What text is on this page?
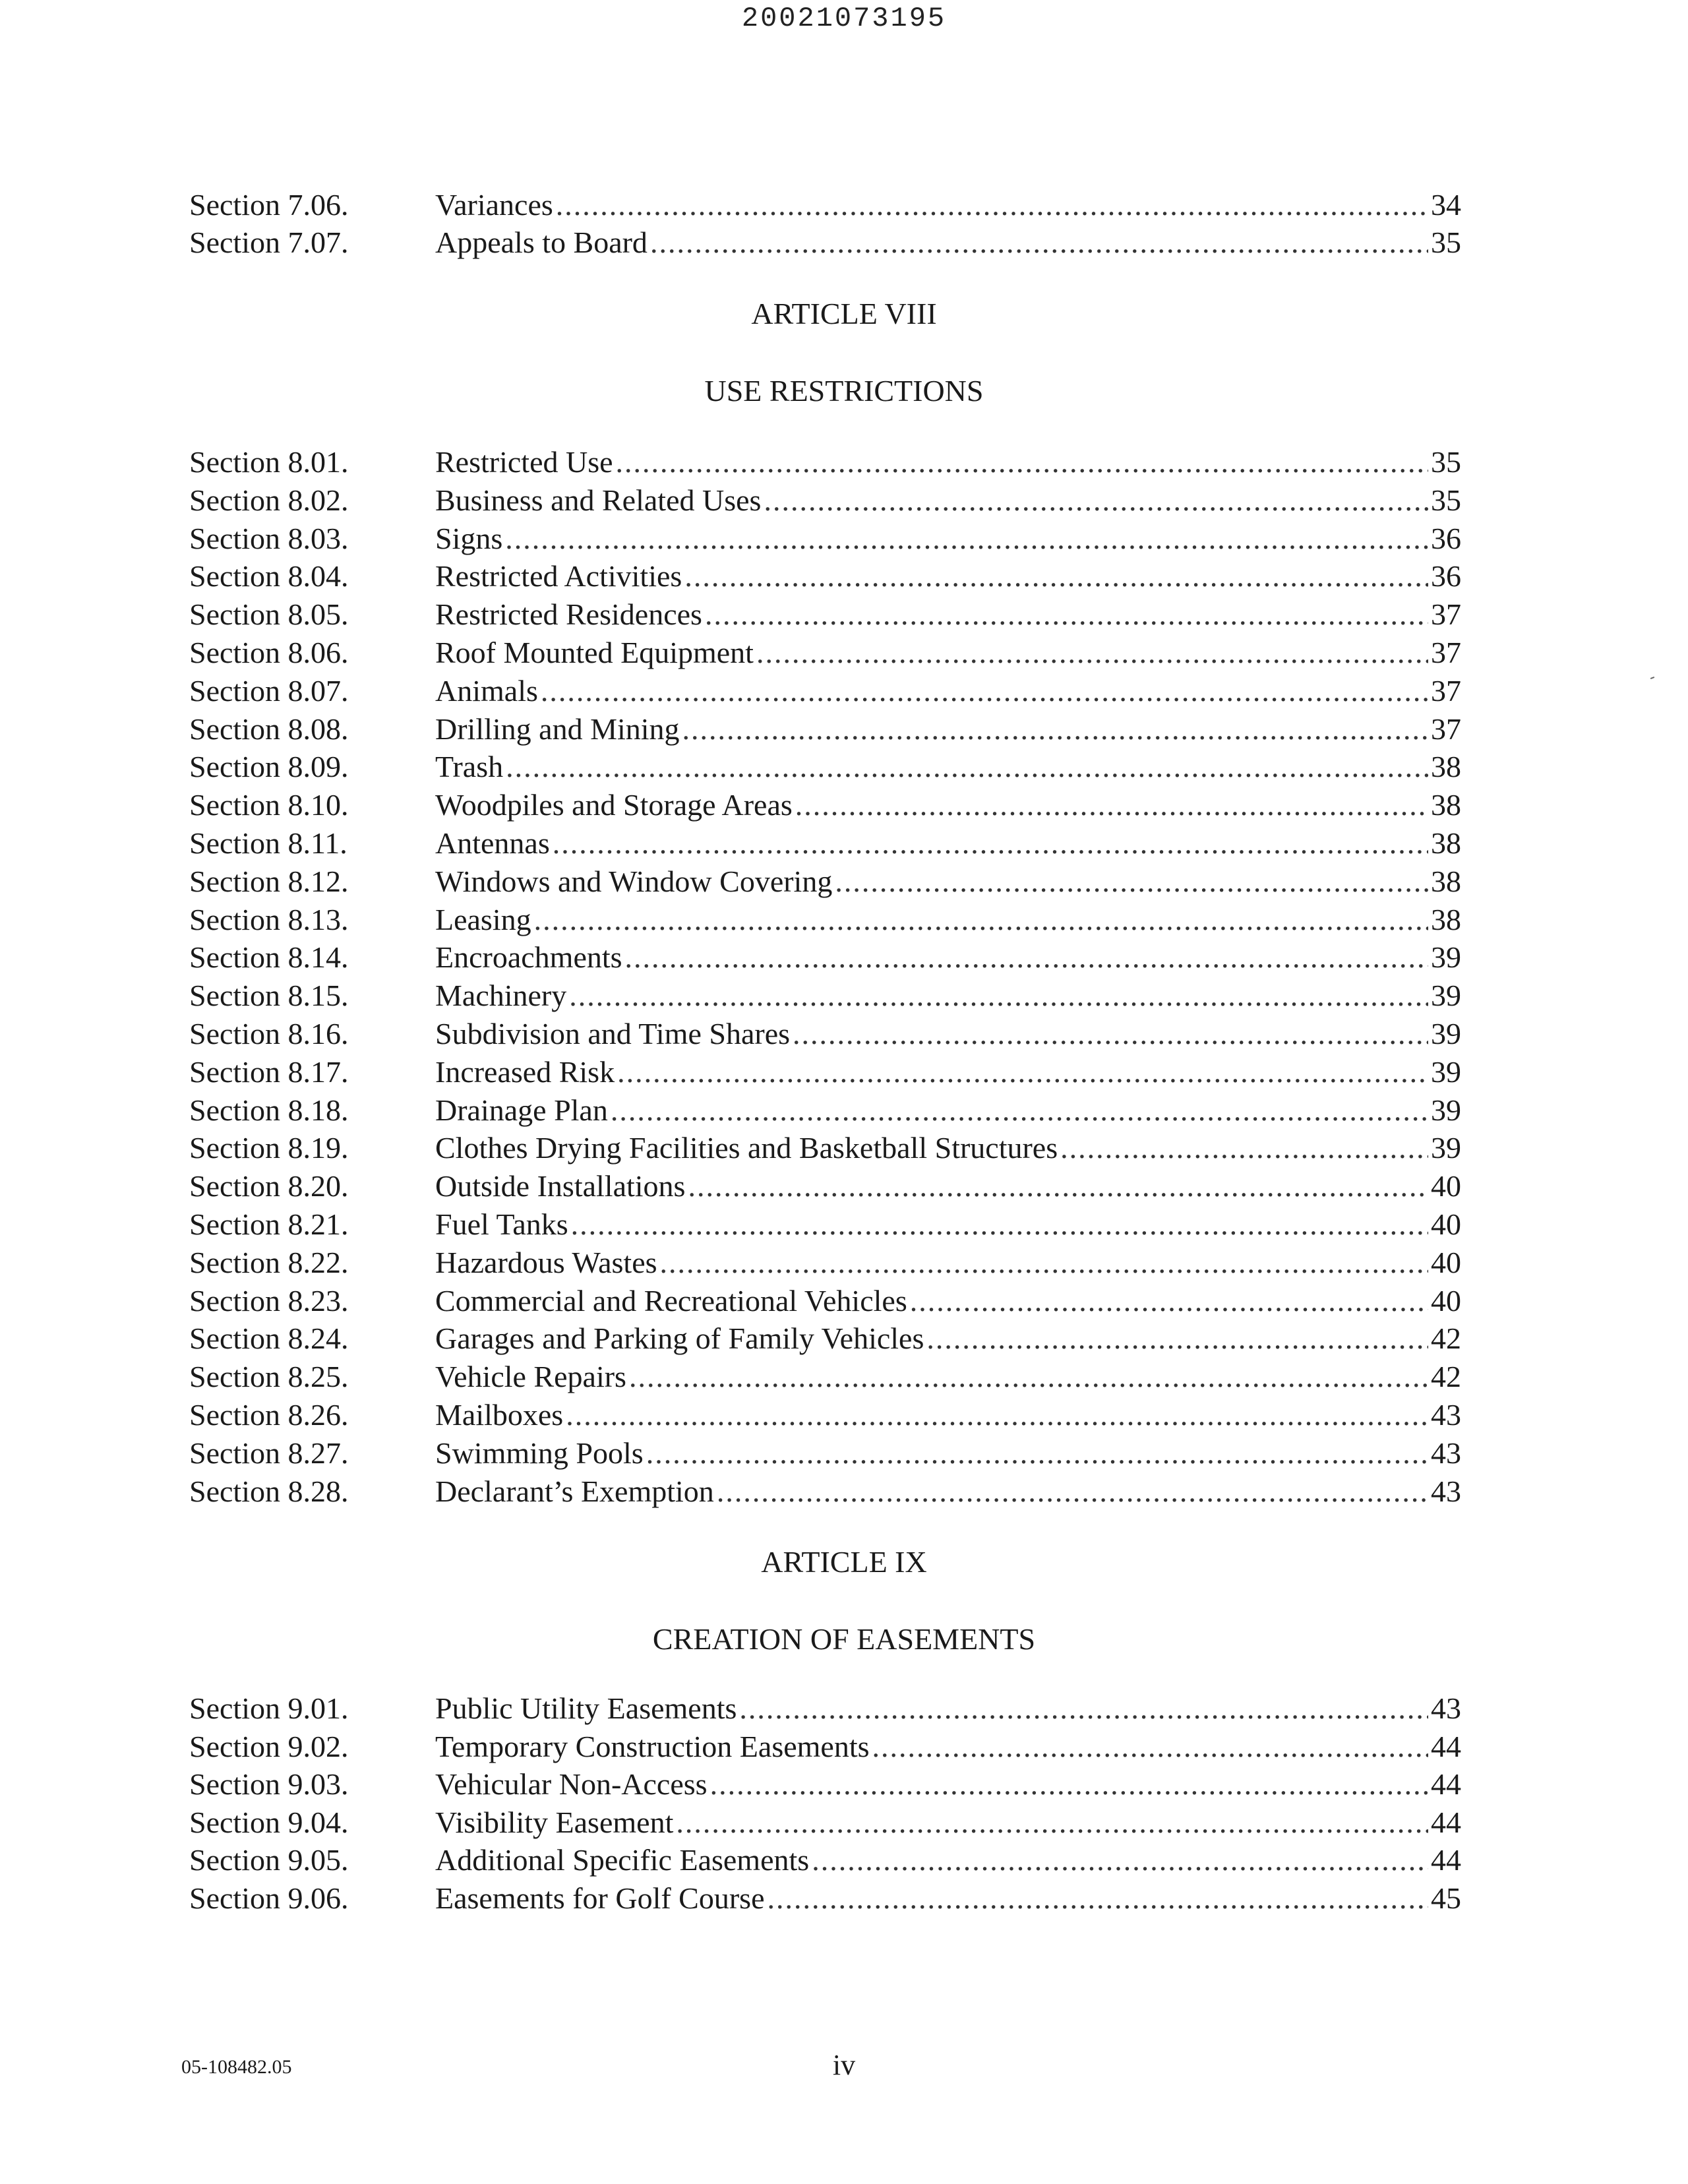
20021073195
Section 7.06.	Variances .....	34
Section 7.07.	Appeals to Board .....	35
ARTICLE VIII
USE RESTRICTIONS
Section 8.01.	Restricted Use .....	35
Section 8.02.	Business and Related Uses .....	35
Section 8.03.	Signs .....	36
Section 8.04.	Restricted Activities .....	36
Section 8.05.	Restricted Residences .....	37
Section 8.06.	Roof Mounted Equipment .....	37
Section 8.07.	Animals .....	37
Section 8.08.	Drilling and Mining .....	37
Section 8.09.	Trash .....	38
Section 8.10.	Woodpiles and Storage Areas .....	38
Section 8.11.	Antennas .....	38
Section 8.12.	Windows and Window Covering .....	38
Section 8.13.	Leasing .....	38
Section 8.14.	Encroachments .....	39
Section 8.15.	Machinery .....	39
Section 8.16.	Subdivision and Time Shares .....	39
Section 8.17.	Increased Risk .....	39
Section 8.18.	Drainage Plan .....	39
Section 8.19.	Clothes Drying Facilities and Basketball Structures .....	39
Section 8.20.	Outside Installations .....	40
Section 8.21.	Fuel Tanks .....	40
Section 8.22.	Hazardous Wastes .....	40
Section 8.23.	Commercial and Recreational Vehicles .....	40
Section 8.24.	Garages and Parking of Family Vehicles .....	42
Section 8.25.	Vehicle Repairs .....	42
Section 8.26.	Mailboxes .....	43
Section 8.27.	Swimming Pools .....	43
Section 8.28.	Declarant’s Exemption .....	43
ARTICLE IX
CREATION OF EASEMENTS
Section 9.01.	Public Utility Easements .....	43
Section 9.02.	Temporary Construction Easements .....	44
Section 9.03.	Vehicular Non-Access .....	44
Section 9.04.	Visibility Easement .....	44
Section 9.05.	Additional Specific Easements .....	44
Section 9.06.	Easements for Golf Course .....	45
05-108482.05	iv
